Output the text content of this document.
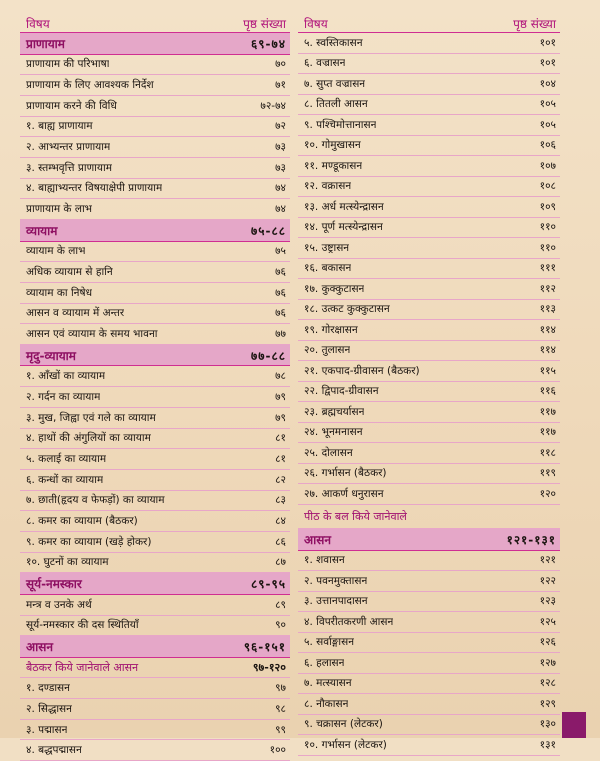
विषय	पृष्ठ संख्या
प्राणायाम	६९-७४
प्राणायाम की परिभाषा	७०
प्राणायाम के लिए आवश्यक निर्देश	७१
प्राणायाम करने की विधि	७२-७४
१. बाह्य प्राणायाम	७२
२. आभ्यन्तर प्राणायाम	७३
३. स्तम्भवृत्ति प्राणायाम	७३
४. बाह्याभ्यन्तर विषयाक्षेपी प्राणायाम	७४
प्राणायाम के लाभ	७४
व्यायाम	७५-८८
व्यायाम के लाभ	७५
अधिक व्यायाम से हानि	७६
व्यायाम का निषेध	७६
आसन व व्यायाम में अन्तर	७६
आसन एवं व्यायाम के समय भावना	७७
मृदु-व्यायाम	७७-८८
१. आँखों का व्यायाम	७८
२. गर्दन का व्यायाम	७९
३. मुख, जिह्वा एवं गले का व्यायाम	७९
४. हाथों की अंगुलियों का व्यायाम	८१
५. कलाई का व्यायाम	८१
६. कन्धों का व्यायाम	८२
७. छाती(हृदय व फेफड़ों) का व्यायाम	८३
८. कमर का व्यायाम (बैठकर)	८४
९. कमर का व्यायाम (खड़े होकर)	८६
१०. घुटनों का व्यायाम	८७
सूर्य-नमस्कार	८९-९५
मन्त्र व उनके अर्थ	८९
सूर्य-नमस्कार की दस स्थितियाँ	९०
आसन	९६-१५१
बैठकर किये जानेवाले आसन	९७-१२०
१. दण्डासन	९७
२. सिद्धासन	९८
३. पद्मासन	९९
४. बद्धपद्मासन	१००
विषय	पृष्ठ संख्या
५. स्वस्तिकासन	१०१
६. वज्रासन	१०१
७. सुप्त वज्रासन	१०४
८. तितली आसन	१०५
९. पश्चिमोत्तानासन	१०५
१०. गोमुखासन	१०६
११. मण्डूकासन	१०७
१२. वक्रासन	१०८
१३. अर्ध मत्स्येन्द्रासन	१०९
१४. पूर्ण मत्स्येन्द्रासन	११०
१५. उष्ट्रासन	११०
१६. बकासन	१११
१७. कुक्कुटासन	११२
१८. उत्कट कुक्कुटासन	११३
१९. गोरक्षासन	११४
२०. तुलासन	११४
२१. एकपाद-ग्रीवासन (बैठकर)	११५
२२. द्विपाद-ग्रीवासन	११६
२३. ब्रह्मचर्यासन	११७
२४. भूनमनासन	११७
२५. दोलासन	११८
२६. गर्भासन (बैठकर)	११९
२७. आकर्ण धनुरासन	१२०
पीठ के बल किये जानेवाले
आसन	१२१-१३१
१. शवासन	१२१
२. पवनमुक्तासन	१२२
३. उत्तानपादासन	१२३
४. विपरीतकरणी आसन	१२५
५. सर्वाङ्गासन	१२६
६. हलासन	१२७
७. मत्स्यासन	१२८
८. नौकासन	१२९
९. चक्रासन (लेटकर)	१३०
१०. गर्भासन (लेटकर)	१३१
